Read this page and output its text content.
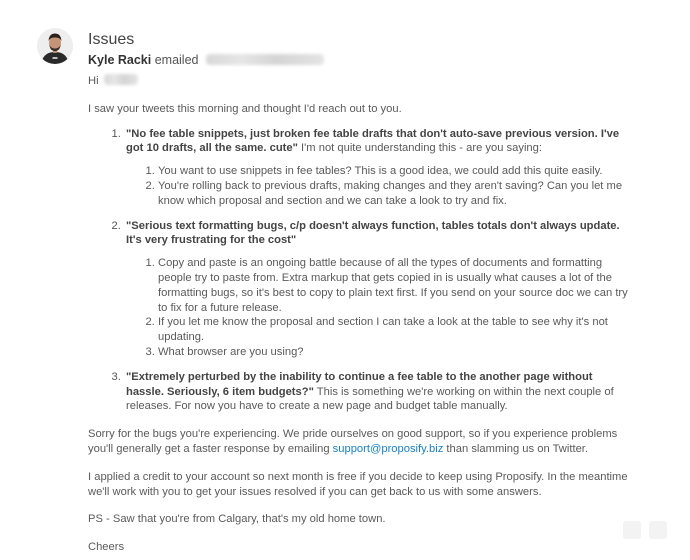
Issues

Kyle Racki emailed

Hi

I saw your tweets this morning and thought I'd reach out to you.

1. "No fee table snippets, just broken fee table drafts that don't auto-save previous version. I've got 10 drafts, all the same. cute" I'm not quite understanding this - are you saying:
1. You want to use snippets in fee tables? This is a good idea, we could add this quite easily.
2. You're rolling back to previous drafts, making changes and they aren't saving? Can you let me know which proposal and section and we can take a look to try and fix.
2. "Serious text formatting bugs, c/p doesn't always function, tables totals don't always update. It's very frustrating for the cost"
1. Copy and paste is an ongoing battle because of all the types of documents and formatting people try to paste from. Extra markup that gets copied in is usually what causes a lot of the formatting bugs, so it's best to copy to plain text first. If you send on your source doc we can try to fix for a future release.
2. If you let me know the proposal and section I can take a look at the table to see why it's not updating.
3. What browser are you using?
3. "Extremely perturbed by the inability to continue a fee table to the another page without hassle. Seriously, 6 item budgets?" This is something we're working on within the next couple of releases. For now you have to create a new page and budget table manually.

Sorry for the bugs you're experiencing. We pride ourselves on good support, so if you experience problems you'll generally get a faster response by emailing support@proposify.biz than slamming us on Twitter.

I applied a credit to your account so next month is free if you decide to keep using Proposify. In the meantime we'll work with you to get your issues resolved if you can get back to us with some answers.

PS - Saw that you're from Calgary, that's my old home town.

Cheers
